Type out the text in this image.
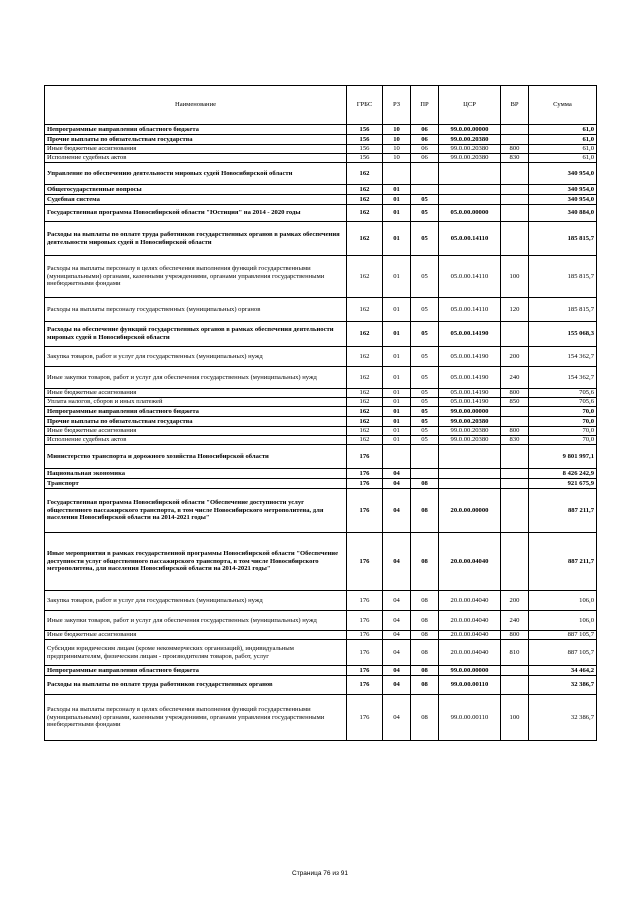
Наименование	ГРБС	РЗ	ПР	ЦСР	ВР	Сумма
Непрограммные направления областного бюджета	156	10	06	99.0.00.00000		61,0
Прочие выплаты по обязательствам государства	156	10	06	99.0.00.20380		61,0
Иные бюджетные ассигнования	156	10	06	99.0.00.20380	800	61,0
Исполнение судебных актов	156	10	06	99.0.00.20380	830	61,0
Управление по обеспечению деятельности мировых судей Новосибирской области	162					340 954,0
Общегосударственные вопросы	162	01				340 954,0
Судебная система	162	01	05			340 954,0
Государственная программа Новосибирской области "Юстиция" на 2014 - 2020 годы	162	01	05	05.0.00.00000		340 884,0
Расходы на выплаты по оплате труда работников государственных органов в рамках обеспечения деятельности мировых судей в Новосибирской области	162	01	05	05.0.00.14110		185 815,7
Расходы на выплаты персоналу в целях обеспечения выполнения функций государственными (муниципальными) органами, казенными учреждениями, органами управления государственными внебюджетными фондами	162	01	05	05.0.00.14110	100	185 815,7
Расходы на выплаты персоналу государственных (муниципальных) органов	162	01	05	05.0.00.14110	120	185 815,7
Расходы на обеспечение функций государственных органов в рамках обеспечения деятельности мировых судей в Новосибирской области	162	01	05	05.0.00.14190		155 068,3
Закупка товаров, работ и услуг для государственных (муниципальных) нужд	162	01	05	05.0.00.14190	200	154 362,7
Иные закупки товаров, работ и услуг для обеспечения государственных (муниципальных) нужд	162	01	05	05.0.00.14190	240	154 362,7
Иные бюджетные ассигнования	162	01	05	05.0.00.14190	800	705,6
Уплата налогов, сборов и иных платежей	162	01	05	05.0.00.14190	850	705,6
Непрограммные направления областного бюджета	162	01	05	99.0.00.00000		70,0
Прочие выплаты по обязательствам государства	162	01	05	99.0.00.20380		70,0
Иные бюджетные ассигнования	162	01	05	99.0.00.20380	800	70,0
Исполнение судебных актов	162	01	05	99.0.00.20380	830	70,0
Министерство транспорта и дорожного хозяйства Новосибирской области	176					9 801 997,1
Национальная экономика	176	04				8 426 242,9
Транспорт	176	04	08			921 675,9
Государственная программа Новосибирской области "Обеспечение доступности услуг общественного пассажирского транспорта, в том числе Новосибирского метрополитена, для населения Новосибирской области на 2014-2021 годы"	176	04	08	20.0.00.00000		887 211,7
Иные мероприятия в рамках государственной программы Новосибирской области "Обеспечение доступности услуг общественного пассажирского транспорта, в том числе Новосибирского метрополитена, для населения Новосибирской области на 2014-2021 годы"	176	04	08	20.0.00.04040		887 211,7
Закупка товаров, работ и услуг для государственных (муниципальных) нужд	176	04	08	20.0.00.04040	200	106,0
Иные закупки товаров, работ и услуг для обеспечения государственных (муниципальных) нужд	176	04	08	20.0.00.04040	240	106,0
Иные бюджетные ассигнования	176	04	08	20.0.00.04040	800	887 105,7
Субсидии юридическим лицам (кроме некоммерческих организаций), индивидуальным предпринимателям, физическим лицам - производителям товаров, работ, услуг	176	04	08	20.0.00.04040	810	887 105,7
Непрограммные направления областного бюджета	176	04	08	99.0.00.00000		34 464,2
Расходы на выплаты по оплате труда работников государственных органов	176	04	08	99.0.00.00110		32 386,7
Расходы на выплаты персоналу в целях обеспечения выполнения функций государственными (муниципальными) органами, казенными учреждениями, органами управления государственными внебюджетными фондами	176	04	08	99.0.00.00110	100	32 386,7
Страница 76 из 91
